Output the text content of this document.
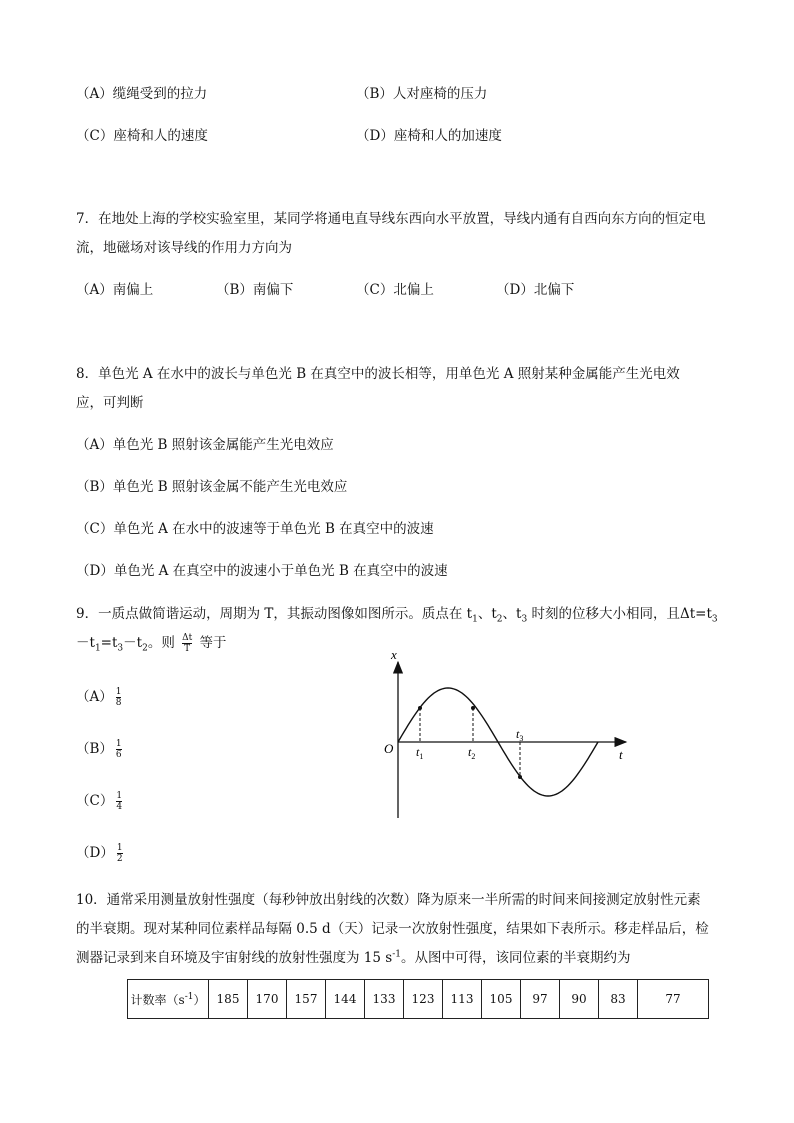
（A）缆绳受到的拉力	（B）人对座椅的压力
（C）座椅和人的速度	（D）座椅和人的加速度
7．在地处上海的学校实验室里，某同学将通电直导线东西向水平放置，导线内通有自西向东方向的恒定电
流，地磁场对该导线的作用力方向为
（A）南偏上	（B）南偏下	（C）北偏上	（D）北偏下
8．单色光 A 在水中的波长与单色光 B 在真空中的波长相等，用单色光 A 照射某种金属能产生光电效
应，可判断
（A）单色光 B 照射该金属能产生光电效应
（B）单色光 B 照射该金属不能产生光电效应
（C）单色光 A 在水中的波速等于单色光 B 在真空中的波速
（D）单色光 A 在真空中的波速小于单色光 B 在真空中的波速
9．一质点做简谐运动，周期为 T，其振动图像如图所示。质点在 $t_1$、$t_2$、$t_3$ 时刻的位移大小相同，且$\Delta t=t_3$
$-t_1=t_3-t_2$。则 $\frac{\Delta t}{T}$ 等于
$(A) \frac{1}{8}$
$(B) \frac{1}{6}$
$(C) \frac{1}{4}$
$(D) \frac{1}{2}$
x
t
O $t_1$	$t_2$
$t_3$
10．通常采用测量放射性强度（每秒钟放出射线的次数）降为原来一半所需的时间来间接测定放射性元素
的半衰期。现对某种同位素样品每隔 0.5 d（天）记录一次放射性强度，结果如下表所示。移走样品后，检
测器记录到来自环境及宇宙射线的放射性强度为 15 $s^{-1}$。从图中可得，该同位素的半衰期约为
计数率$(s^{-1})$	185	170	157	144	133	123	113	105	97	90	83	77
